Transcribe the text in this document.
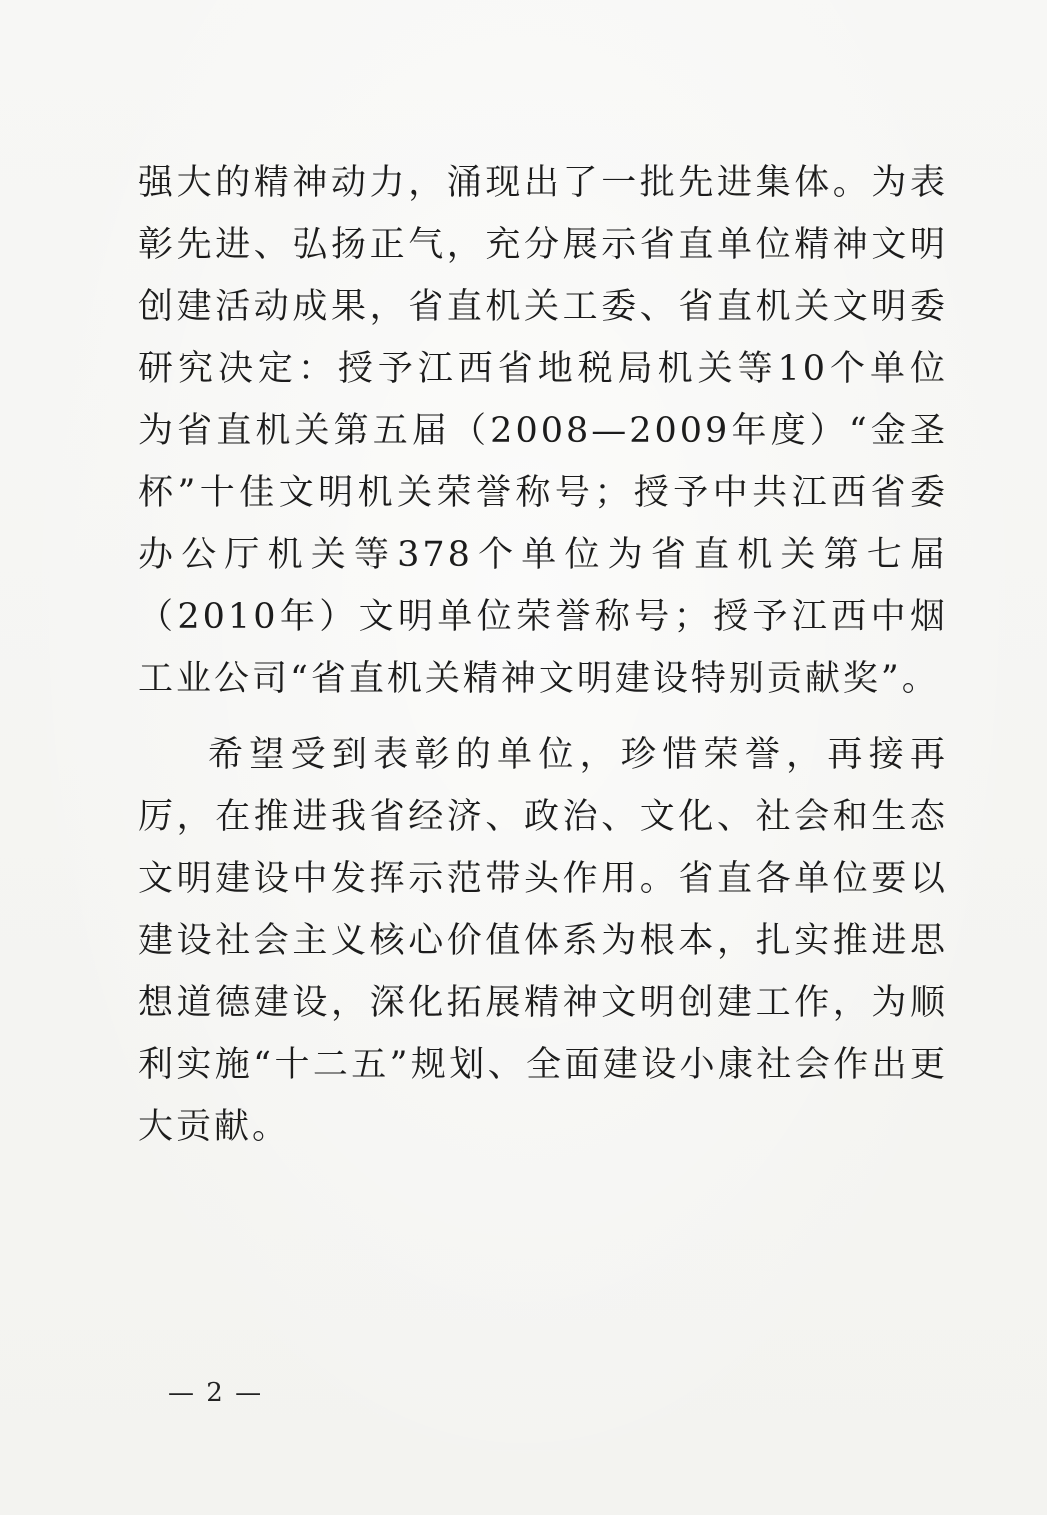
强大的精神动力，涌现出了一批先进集体。为表彰先进、弘扬正气，充分展示省直单位精神文明创建活动成果，省直机关工委、省直机关文明委研究决定：授予江西省地税局机关等10个单位为省直机关第五届（2008—2009年度）“金圣杯”十佳文明机关荣誉称号；授予中共江西省委办公厅机关等378个单位为省直机关第七届（2010年）文明单位荣誉称号；授予江西中烟工业公司“省直机关精神文明建设特别贡献奖”。

希望受到表彰的单位，珍惜荣誉，再接再厉，在推进我省经济、政治、文化、社会和生态文明建设中发挥示范带头作用。省直各单位要以建设社会主义核心价值体系为根本，扎实推进思想道德建设，深化拓展精神文明创建工作，为顺利实施“十二五”规划、全面建设小康社会作出更大贡献。

— 2 —
